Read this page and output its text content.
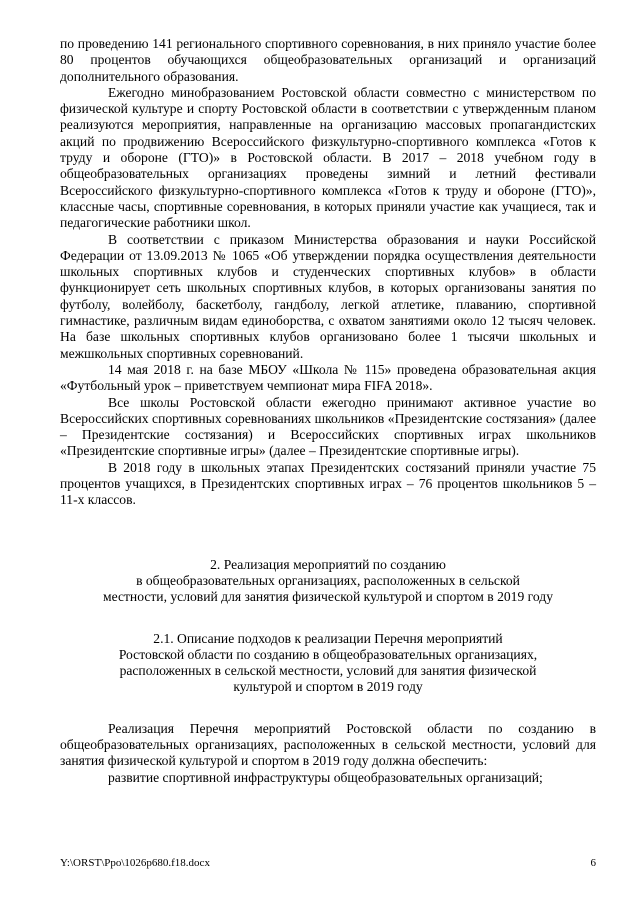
по проведению 141 регионального спортивного соревнования, в них приняло участие более 80 процентов обучающихся общеобразовательных организаций и организаций дополнительного образования.

Ежегодно минобразованием Ростовской области совместно с министерством по физической культуре и спорту Ростовской области в соответствии с утвержденным планом реализуются мероприятия, направленные на организацию массовых пропагандистских акций по продвижению Всероссийского физкультурно-спортивного комплекса «Готов к труду и обороне (ГТО)» в Ростовской области. В 2017 – 2018 учебном году в общеобразовательных организациях проведены зимний и летний фестивали Всероссийского физкультурно-спортивного комплекса «Готов к труду и обороне (ГТО)», классные часы, спортивные соревнования, в которых приняли участие как учащиеся, так и педагогические работники школ.

В соответствии с приказом Министерства образования и науки Российской Федерации от 13.09.2013 № 1065 «Об утверждении порядка осуществления деятельности школьных спортивных клубов и студенческих спортивных клубов» в области функционирует сеть школьных спортивных клубов, в которых организованы занятия по футболу, волейболу, баскетболу, гандболу, легкой атлетике, плаванию, спортивной гимнастике, различным видам единоборства, с охватом занятиями около 12 тысяч человек. На базе школьных спортивных клубов организовано более 1 тысячи школьных и межшкольных спортивных соревнований.

14 мая 2018 г. на базе МБОУ «Школа № 115» проведена образовательная акция «Футбольный урок – приветствуем чемпионат мира FIFA 2018».

Все школы Ростовской области ежегодно принимают активное участие во Всероссийских спортивных соревнованиях школьников «Президентские состязания» (далее – Президентские состязания) и Всероссийских спортивных играх школьников «Президентские спортивные игры» (далее – Президентские спортивные игры).

В 2018 году в школьных этапах Президентских состязаний приняли участие 75 процентов учащихся, в Президентских спортивных играх – 76 процентов школьников 5 – 11-х классов.

2. Реализация мероприятий по созданию

в общеобразовательных организациях, расположенных в сельской

местности, условий для занятия физической культурой и спортом в 2019 году

2.1. Описание подходов к реализации Перечня мероприятий

Ростовской области по созданию в общеобразовательных организациях,

расположенных в сельской местности, условий для занятия физической

культурой и спортом в 2019 году

Реализация Перечня мероприятий Ростовской области по созданию в общеобразовательных организациях, расположенных в сельской местности, условий для занятия физической культурой и спортом в 2019 году должна обеспечить:

развитие спортивной инфраструктуры общеобразовательных организаций;

Y:\ORST\Ppo\1026p680.f18.docx	6
